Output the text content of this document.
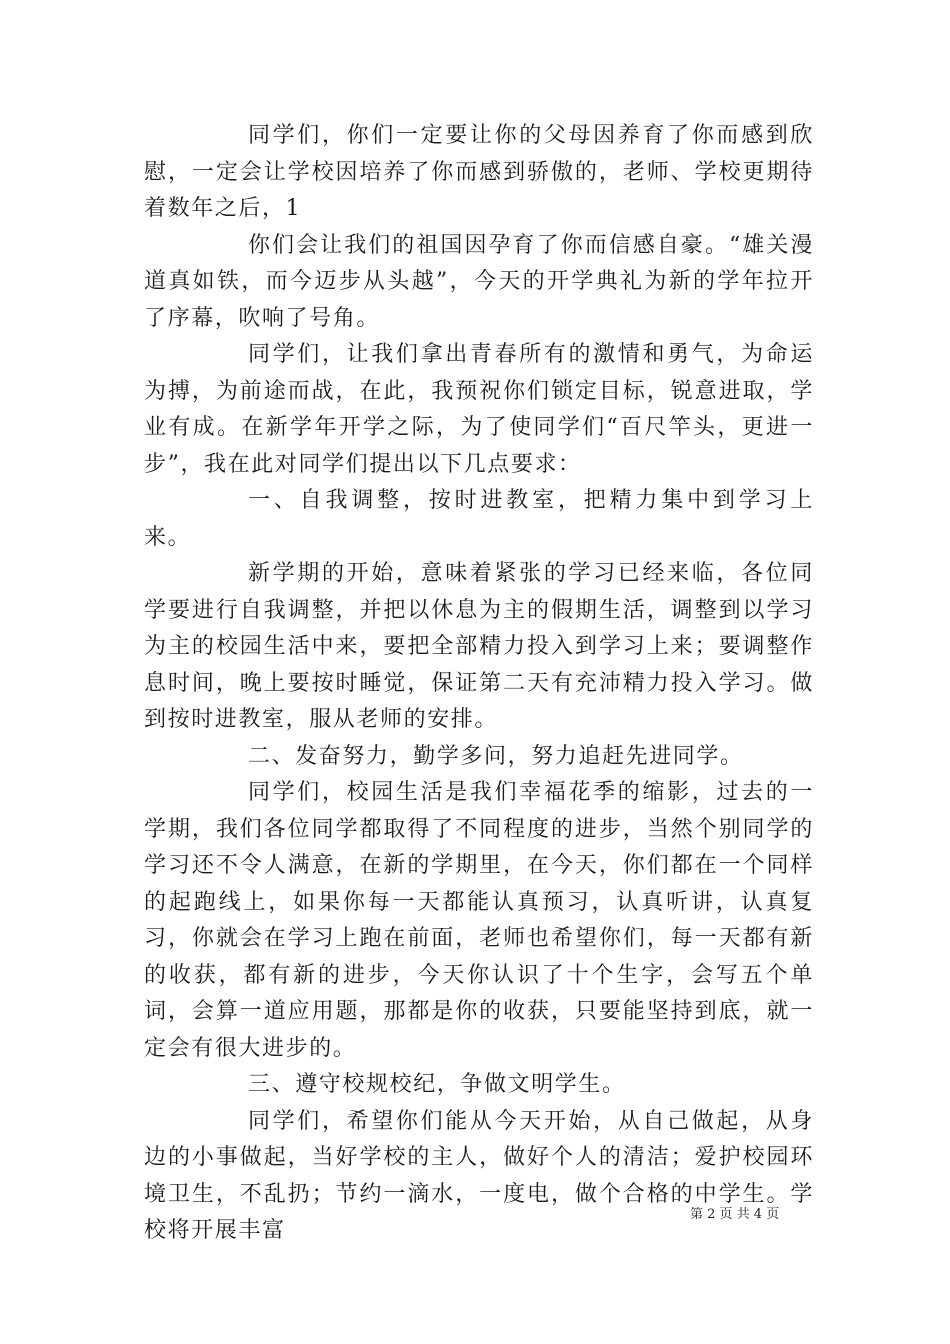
同学们，你们一定要让你的父母因养育了你而感到欣慰，一定会让学校因培养了你而感到骄傲的，老师、学校更期待着数年之后，1

你们会让我们的祖国因孕育了你而信感自豪。“雄关漫道真如铁，而今迈步从头越”，今天的开学典礼为新的学年拉开了序幕，吹响了号角。

同学们，让我们拿出青春所有的激情和勇气，为命运为搏，为前途而战，在此，我预祝你们锁定目标，锐意进取，学业有成。在新学年开学之际，为了使同学们“百尺竿头，更进一步”，我在此对同学们提出以下几点要求：

一、自我调整，按时进教室，把精力集中到学习上来。

新学期的开始，意味着紧张的学习已经来临，各位同学要进行自我调整，并把以休息为主的假期生活，调整到以学习为主的校园生活中来，要把全部精力投入到学习上来；要调整作息时间，晚上要按时睡觉，保证第二天有充沛精力投入学习。做到按时进教室，服从老师的安排。

二、发奋努力，勤学多问，努力追赶先进同学。

同学们，校园生活是我们幸福花季的缩影，过去的一学期，我们各位同学都取得了不同程度的进步，当然个别同学的学习还不令人满意，在新的学期里，在今天，你们都在一个同样的起跑线上，如果你每一天都能认真预习，认真听讲，认真复习，你就会在学习上跑在前面，老师也希望你们，每一天都有新的收获，都有新的进步，今天你认识了十个生字，会写五个单词，会算一道应用题，那都是你的收获，只要能坚持到底，就一定会有很大进步的。

三、遵守校规校纪，争做文明学生。

同学们，希望你们能从今天开始，从自己做起，从身边的小事做起，当好学校的主人，做好个人的清洁；爱护校园环境卫生，不乱扔；节约一滴水，一度电，做个合格的中学生。学校将开展丰富

第 2 页 共 4 页
